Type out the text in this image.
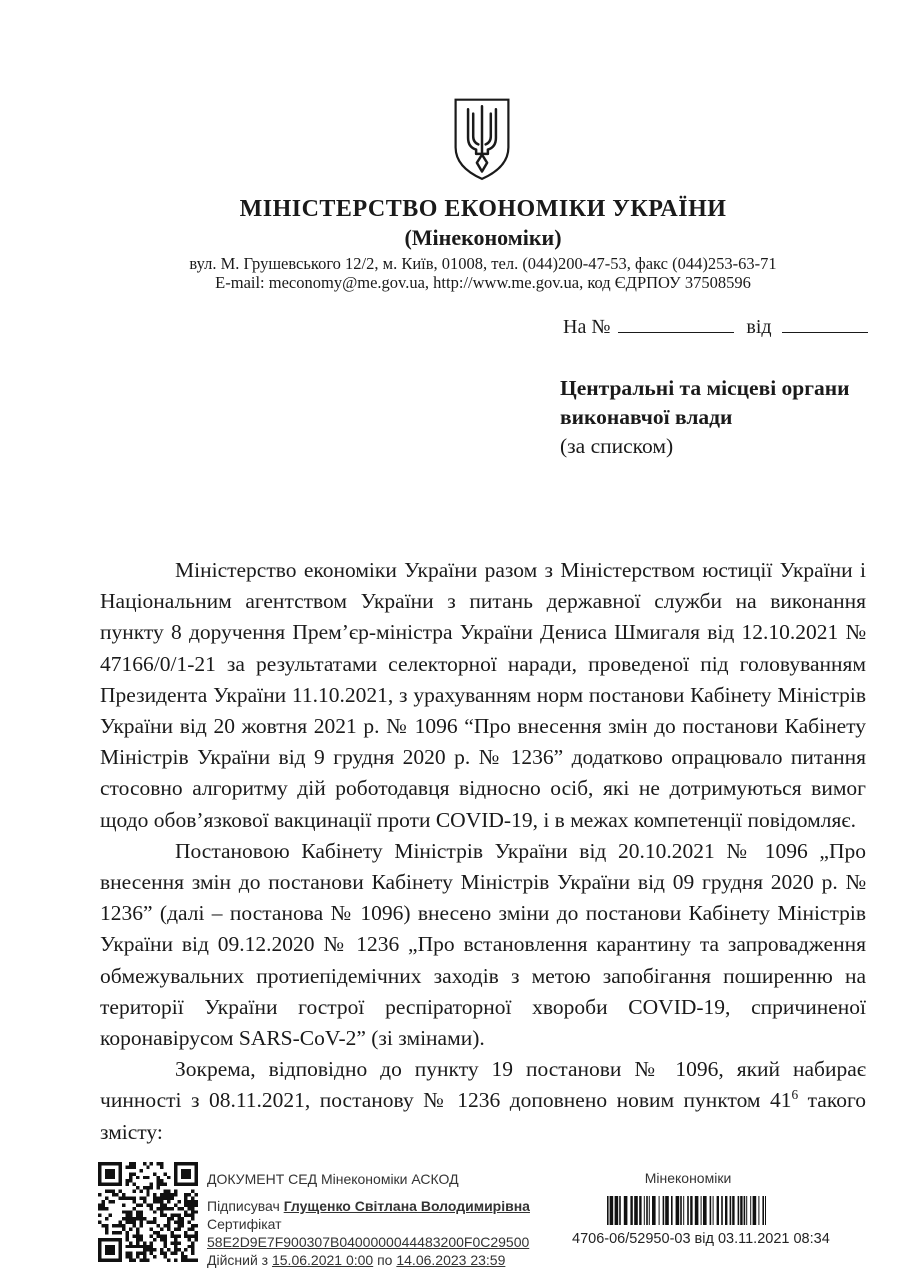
МІНІСТЕРСТВО ЕКОНОМІКИ УКРАЇНИ
(Мінекономіки)
вул. М. Грушевського 12/2, м. Київ, 01008, тел. (044)200-47-53, факс (044)253-63-71
E-mail: meconomy@me.gov.ua, http://www.me.gov.ua, код ЄДРПОУ 37508596
На №	від
Центральні та місцеві органи
виконавчої влади
(за списком)

Міністерство економіки України разом з Міністерством юстиції України і Національним агентством України з питань державної служби на виконання пункту 8 доручення Прем’єр-міністра України Дениса Шмигаля від 12.10.2021 № 47166/0/1-21 за результатами селекторної наради, проведеної під головуванням Президента України 11.10.2021, з урахуванням норм постанови Кабінету Міністрів України від 20 жовтня 2021 р. № 1096 “Про внесення змін до постанови Кабінету Міністрів України від 9 грудня 2020 р. № 1236” додатково опрацювало питання стосовно алгоритму дій роботодавця відносно осіб, які не дотримуються вимог щодо обов’язкової вакцинації проти COVID-19, і в межах компетенції повідомляє.

Постановою Кабінету Міністрів України від 20.10.2021 № 1096 „Про внесення змін до постанови Кабінету Міністрів України від 09 грудня 2020 р. № 1236” (далі – постанова № 1096) внесено зміни до постанови Кабінету Міністрів України від 09.12.2020 № 1236 „Про встановлення карантину та запровадження обмежувальних протиепідемічних заходів з метою запобігання поширенню на території України гострої респіраторної хвороби COVID-19, спричиненої коронавірусом SARS-CoV-2” (зі змінами).

Зокрема, відповідно до пункту 19 постанови № 1096, який набирає чинності з 08.11.2021, постанову № 1236 доповнено новим пунктом $41^6$ такого змісту:

ДОКУМЕНТ СЕД Мінекономіки АСКОД
Підписувач Глущенко Світлана Володимирівна
Сертифікат 58E2D9E7F900307B0400000044483200F0C29500
Дійсний з 15.06.2021 0:00 по 14.06.2023 23:59
Мінекономіки
4706-06/52950-03 від 03.11.2021 08:34
